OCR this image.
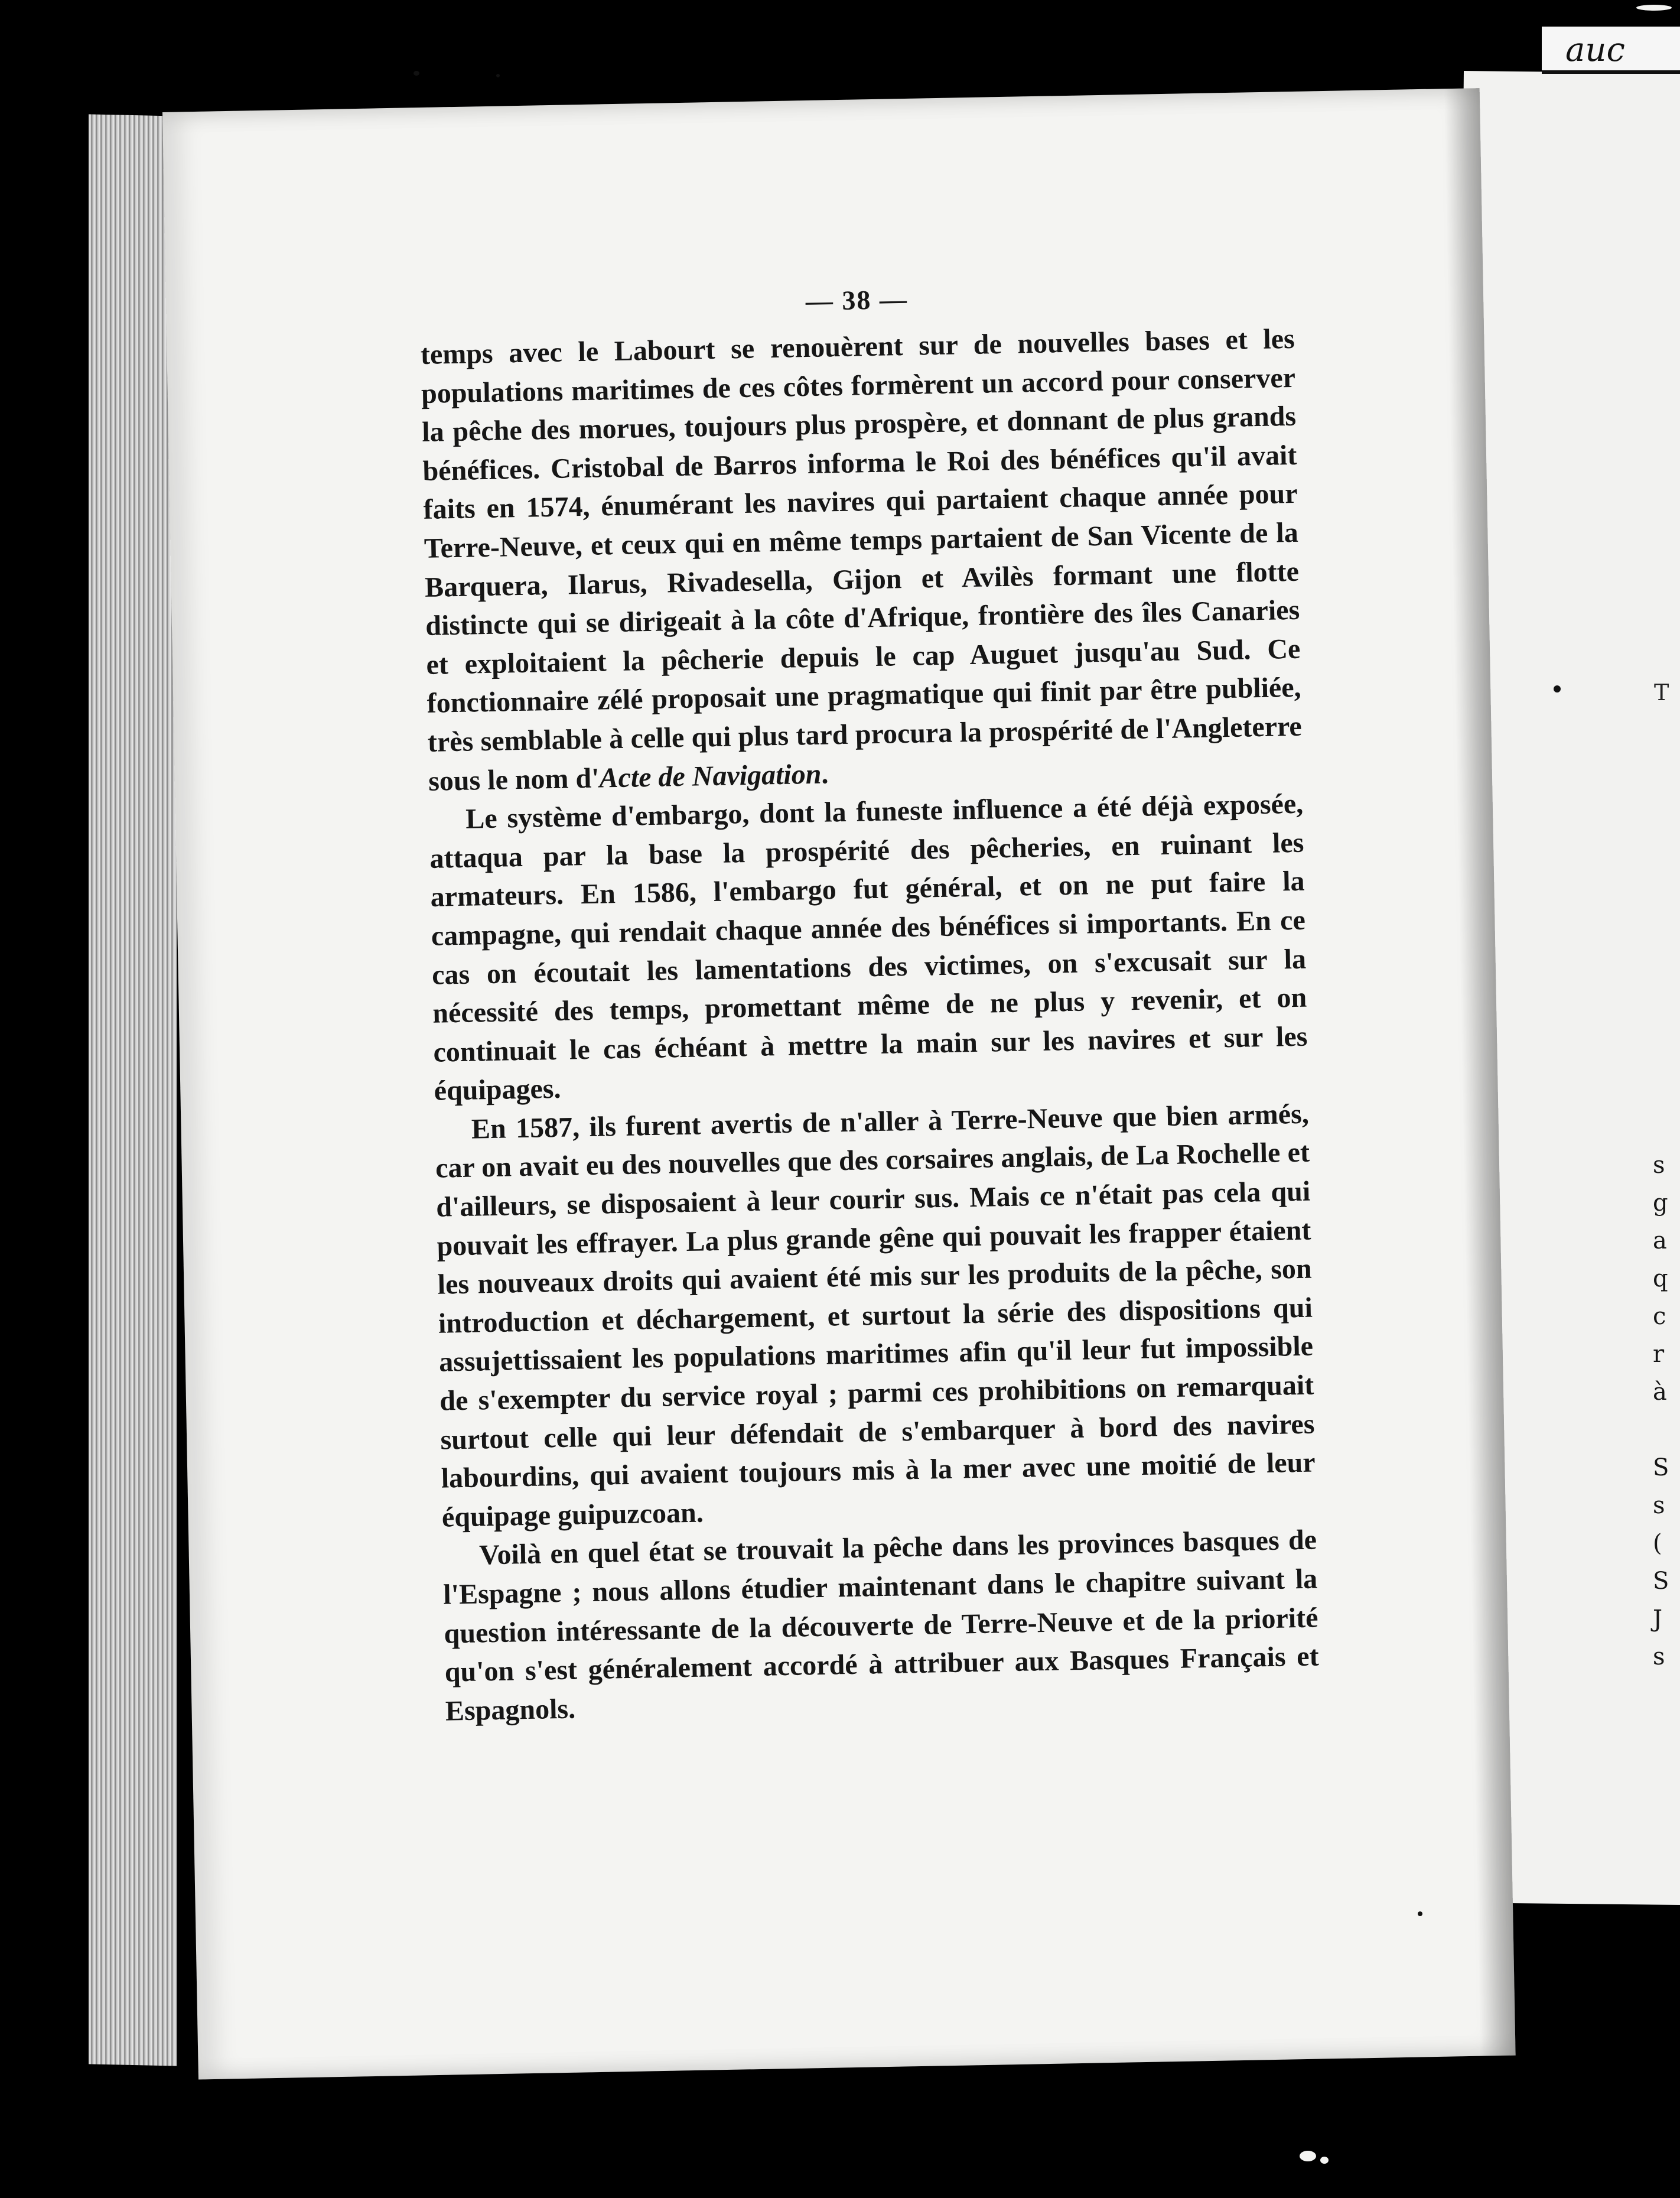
auc
— 38 —

temps avec le Labourt se renouèrent sur de nouvelles bases et les populations maritimes de ces côtes formèrent un accord pour conserver la pêche des morues, toujours plus prospère, et donnant de plus grands bénéfices. Cristobal de Barros informa le Roi des bénéfices qu'il avait faits en 1574, énumérant les navires qui partaient chaque année pour Terre-Neuve, et ceux qui en même temps partaient de San Vicente de la Barquera, Ilarus, Rivadesella, Gijon et Avilès formant une flotte distincte qui se dirigeait à la côte d'Afrique, frontière des îles Canaries et exploitaient la pêcherie depuis le cap Auguet jusqu'au Sud. Ce fonctionnaire zélé proposait une pragmatique qui finit par être publiée, très semblable à celle qui plus tard procura la prospérité de l'Angleterre sous le nom d'Acte de Navigation.

Le système d'embargo, dont la funeste influence a été déjà exposée, attaqua par la base la prospérité des pêcheries, en ruinant les armateurs. En 1586, l'embargo fut général, et on ne put faire la campagne, qui rendait chaque année des bénéfices si importants. En ce cas on écoutait les lamentations des victimes, on s'excusait sur la nécessité des temps, promettant même de ne plus y revenir, et on continuait le cas échéant à mettre la main sur les navires et sur les équipages.

En 1587, ils furent avertis de n'aller à Terre-Neuve que bien armés, car on avait eu des nouvelles que des corsaires anglais, de La Rochelle et d'ailleurs, se disposaient à leur courir sus. Mais ce n'était pas cela qui pouvait les effrayer. La plus grande gêne qui pouvait les frapper étaient les nouveaux droits qui avaient été mis sur les produits de la pêche, son introduction et déchargement, et surtout la série des dispositions qui assujettissaient les populations maritimes afin qu'il leur fut impossible de s'exempter du service royal ; parmi ces prohibitions on remarquait surtout celle qui leur défendait de s'embarquer à bord des navires labourdins, qui avaient toujours mis à la mer avec une moitié de leur équipage guipuzcoan.

Voilà en quel état se trouvait la pêche dans les provinces basques de l'Espagne ; nous allons étudier maintenant dans le chapitre suivant la question intéressante de la découverte de Terre-Neuve et de la priorité qu'on s'est généralement accordé à attribuer aux Basques Français et Espagnols.

T
s
g
a
q
c
r
à
S
s
(
S
J
s
